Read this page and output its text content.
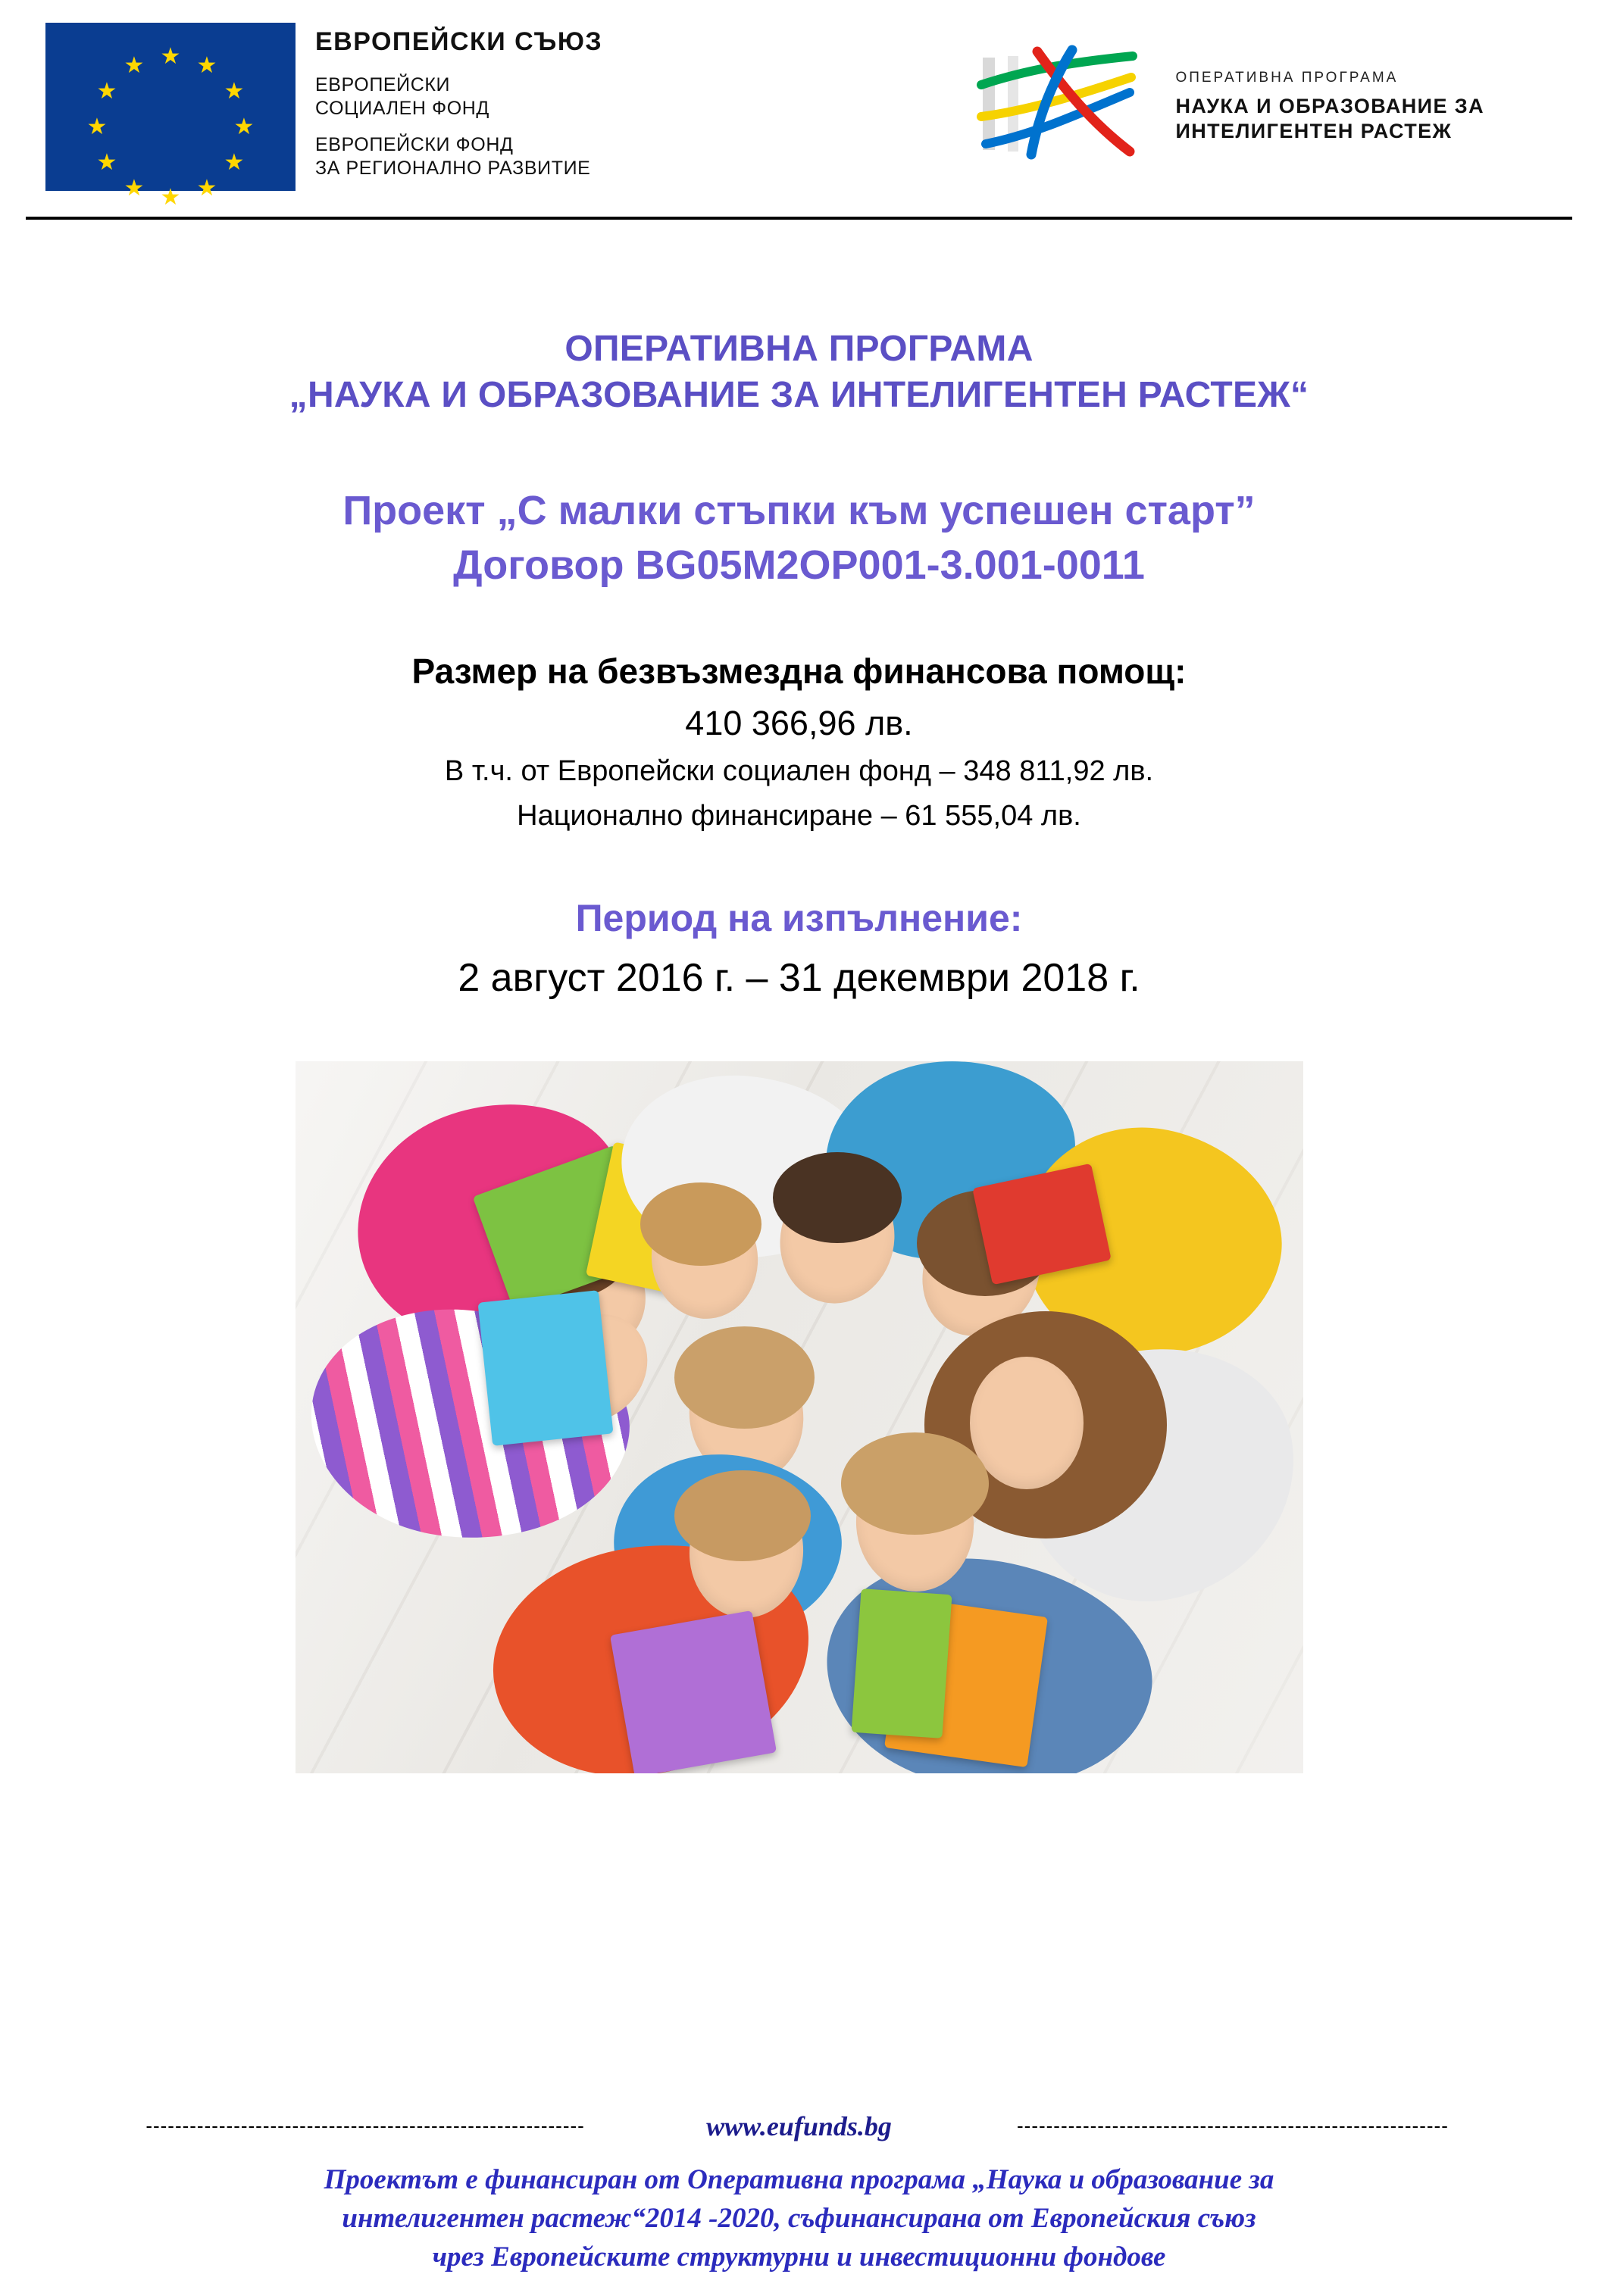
★ ★
★
★
★
★
★
★
★
★
★
★
ЕВРОПЕЙСКИ СЪЮЗ
ЕВРОПЕЙСКИ
СОЦИАЛЕН ФОНД
ЕВРОПЕЙСКИ ФОНД
ЗА РЕГИОНАЛНО РАЗВИТИЕ
ОПЕРАТИВНА ПРОГРАМА
НАУКА И ОБРАЗОВАНИЕ ЗА
ИНТЕЛИГЕНТЕН РАСТЕЖ
ОПЕРАТИВНА ПРОГРАМА
„НАУКА И ОБРАЗОВАНИЕ ЗА ИНТЕЛИГЕНТЕН РАСТЕЖ“
Проект „С малки стъпки към успешен старт”
Договор BG05M2OP001-3.001-0011
Размер на безвъзмездна финансова помощ:
410 366,96 лв.
В т.ч. от Европейски социален фонд – 348 811,92 лв.
Национално финансиране – 61 555,04 лв.
Период на изпълнение:
2 август 2016 г. – 31 декември 2018 г.
------------------------------------------------------------	www.eufunds.bg	-----------------------------------------------------------
Проектът е финансиран от Оперативна програма „Наука и образование за
интелигентен растеж“2014 -2020, съфинансирана от Европейския съюз
чрез Европейските структурни и инвестиционни фондове
